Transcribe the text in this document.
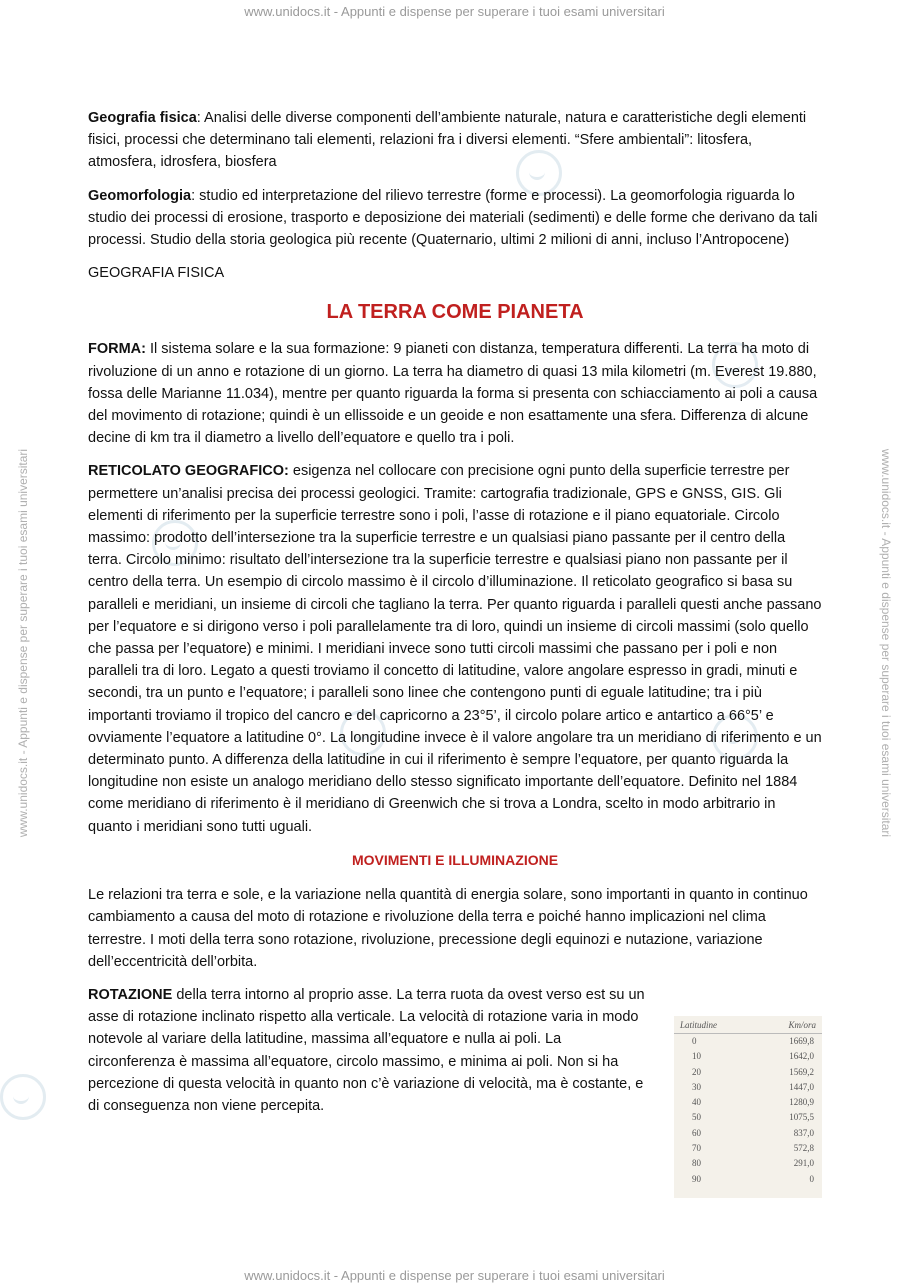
www.unidocs.it - Appunti e dispense per superare i tuoi esami universitari
www.unidocs.it - Appunti e dispense per superare i tuoi esami universitari
www.unidocs.it - Appunti e dispense per superare i tuoi esami universitari	www.unidocs.it - Appunti e dispense per superare i tuoi esami universitari

Geografia fisica: Analisi delle diverse componenti dell’ambiente naturale, natura e caratteristiche degli elementi fisici, processi che determinano tali elementi, relazioni fra i diversi elementi. “Sfere ambientali”: litosfera, atmosfera, idrosfera, biosfera

Geomorfologia: studio ed interpretazione del rilievo terrestre (forme e processi). La geomorfologia riguarda lo studio dei processi di erosione, trasporto e deposizione dei materiali (sedimenti) e delle forme che derivano da tali processi. Studio della storia geologica più recente (Quaternario, ultimi 2 milioni di anni, incluso l’Antropocene)

GEOGRAFIA FISICA

LA TERRA COME PIANETA

FORMA: Il sistema solare e la sua formazione: 9 pianeti con distanza, temperatura differenti. La terra ha moto di rivoluzione di un anno e rotazione di un giorno. La terra ha diametro di quasi 13 mila kilometri (m. Everest 19.880, fossa delle Marianne 11.034), mentre per quanto riguarda la forma si presenta con schiacciamento ai poli a causa del movimento di rotazione; quindi è un ellissoide e un geoide e non esattamente una sfera. Differenza di alcune decine di km tra il diametro a livello dell’equatore e quello tra i poli.

RETICOLATO GEOGRAFICO: esigenza nel collocare con precisione ogni punto della superficie terrestre per permettere un’analisi precisa dei processi geologici. Tramite: cartografia tradizionale, GPS e GNSS, GIS. Gli elementi di riferimento per la superficie terrestre sono i poli, l’asse di rotazione e il piano equatoriale. Circolo massimo: prodotto dell’intersezione tra la superficie terrestre e un qualsiasi piano passante per il centro della terra. Circolo minimo: risultato dell’intersezione tra la superficie terrestre e qualsiasi piano non passante per il centro della terra. Un esempio di circolo massimo è il circolo d’illuminazione. Il reticolato geografico si basa su paralleli e meridiani, un insieme di circoli che tagliano la terra. Per quanto riguarda i paralleli questi anche passano per l’equatore e si dirigono verso i poli parallelamente tra di loro, quindi un insieme di circoli massimi (solo quello che passa per l’equatore) e minimi. I meridiani invece sono tutti circoli massimi che passano per i poli e non paralleli tra di loro. Legato a questi troviamo il concetto di latitudine, valore angolare espresso in gradi, minuti e secondi, tra un punto e l’equatore; i paralleli sono linee che contengono punti di eguale latitudine; tra i più importanti troviamo il tropico del cancro e del capricorno a 23°5’, il circolo polare artico e antartico a 66°5’ e ovviamente l’equatore a latitudine 0°. La longitudine invece è il valore angolare tra un meridiano di riferimento e un determinato punto. A differenza della latitudine in cui il riferimento è sempre l’equatore, per quanto riguarda la longitudine non esiste un analogo meridiano dello stesso significato importante dell’equatore. Definito nel 1884 come meridiano di riferimento è il meridiano di Greenwich che si trova a Londra, scelto in modo arbitrario in quanto i meridiani sono tutti uguali.

MOVIMENTI E ILLUMINAZIONE

Le relazioni tra terra e sole, e la variazione nella quantità di energia solare, sono importanti in quanto in continuo cambiamento a causa del moto di rotazione e rivoluzione della terra e poiché hanno implicazioni nel clima terrestre. I moti della terra sono rotazione, rivoluzione, precessione degli equinozi e nutazione, variazione dell’eccentricità dell’orbita.

ROTAZIONE della terra intorno al proprio asse. La terra ruota da ovest verso est su un asse di rotazione inclinato rispetto alla verticale. La velocità di rotazione varia in modo notevole al variare della latitudine, massima all’equatore e nulla ai poli. La circonferenza è massima all’equatore, circolo massimo, e minima ai poli. Non si ha percezione di questa velocità in quanto non c’è variazione di velocità, ma è costante, e di conseguenza non viene percepita.

Latitudine	Km/ora
0	1669,8
10	1642,0
20	1569,2
30	1447,0
40	1280,9
50	1075,5
60	837,0
70	572,8
80	291,0
90	0
